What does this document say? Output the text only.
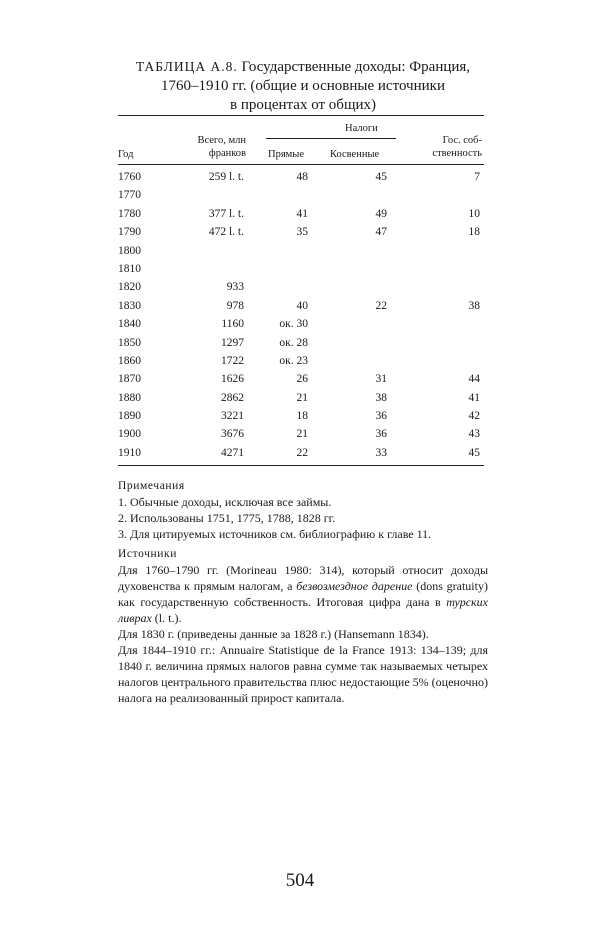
ТАБЛИЦА А.8. Государственные доходы: Франция,
1760–1910 гг. (общие и основные источники
в процентах от общих)
Год
Всего, млн
франков
Налоги
Прямые Косвенные
Гос. соб-
ственность
1760	259 l. t.	48	45	7
1770
1780	377 l. t.	41	49	10
1790	472 l. t.	35	47	18
1800
1810
1820	933
1830	978	40	22	38
1840	1160	ок. 30
1850	1297	ок. 28
1860	1722	ок. 23
1870	1626	26	31	44
1880	2862	21	38	41
1890	3221	18	36	42
1900	3676	21	36	43
1910	4271	22	33	45

Примечания

1. Обычные доходы, исключая все займы.

2. Использованы 1751, 1775, 1788, 1828 гг.

3. Для цитируемых источников см. библиографию к главе 11.

Источники

Для 1760–1790 гг. (Morineau 1980: 314), который относит доходы духовенства к прямым налогам, а безвозмездное дарение (dons gratuity) как государственную собственность. Итоговая цифра дана в турских ливрах (l. t.).

Для 1830 г. (приведены данные за 1828 г.) (Hansemann 1834).

Для 1844–1910 гг.: Annuaire Statistique de la France 1913: 134–139; для 1840 г. величина прямых налогов равна сумме так называемых четырех налогов центрального правительства плюс недостающие 5% (оценочно) налога на реализованный прирост капитала.

504
